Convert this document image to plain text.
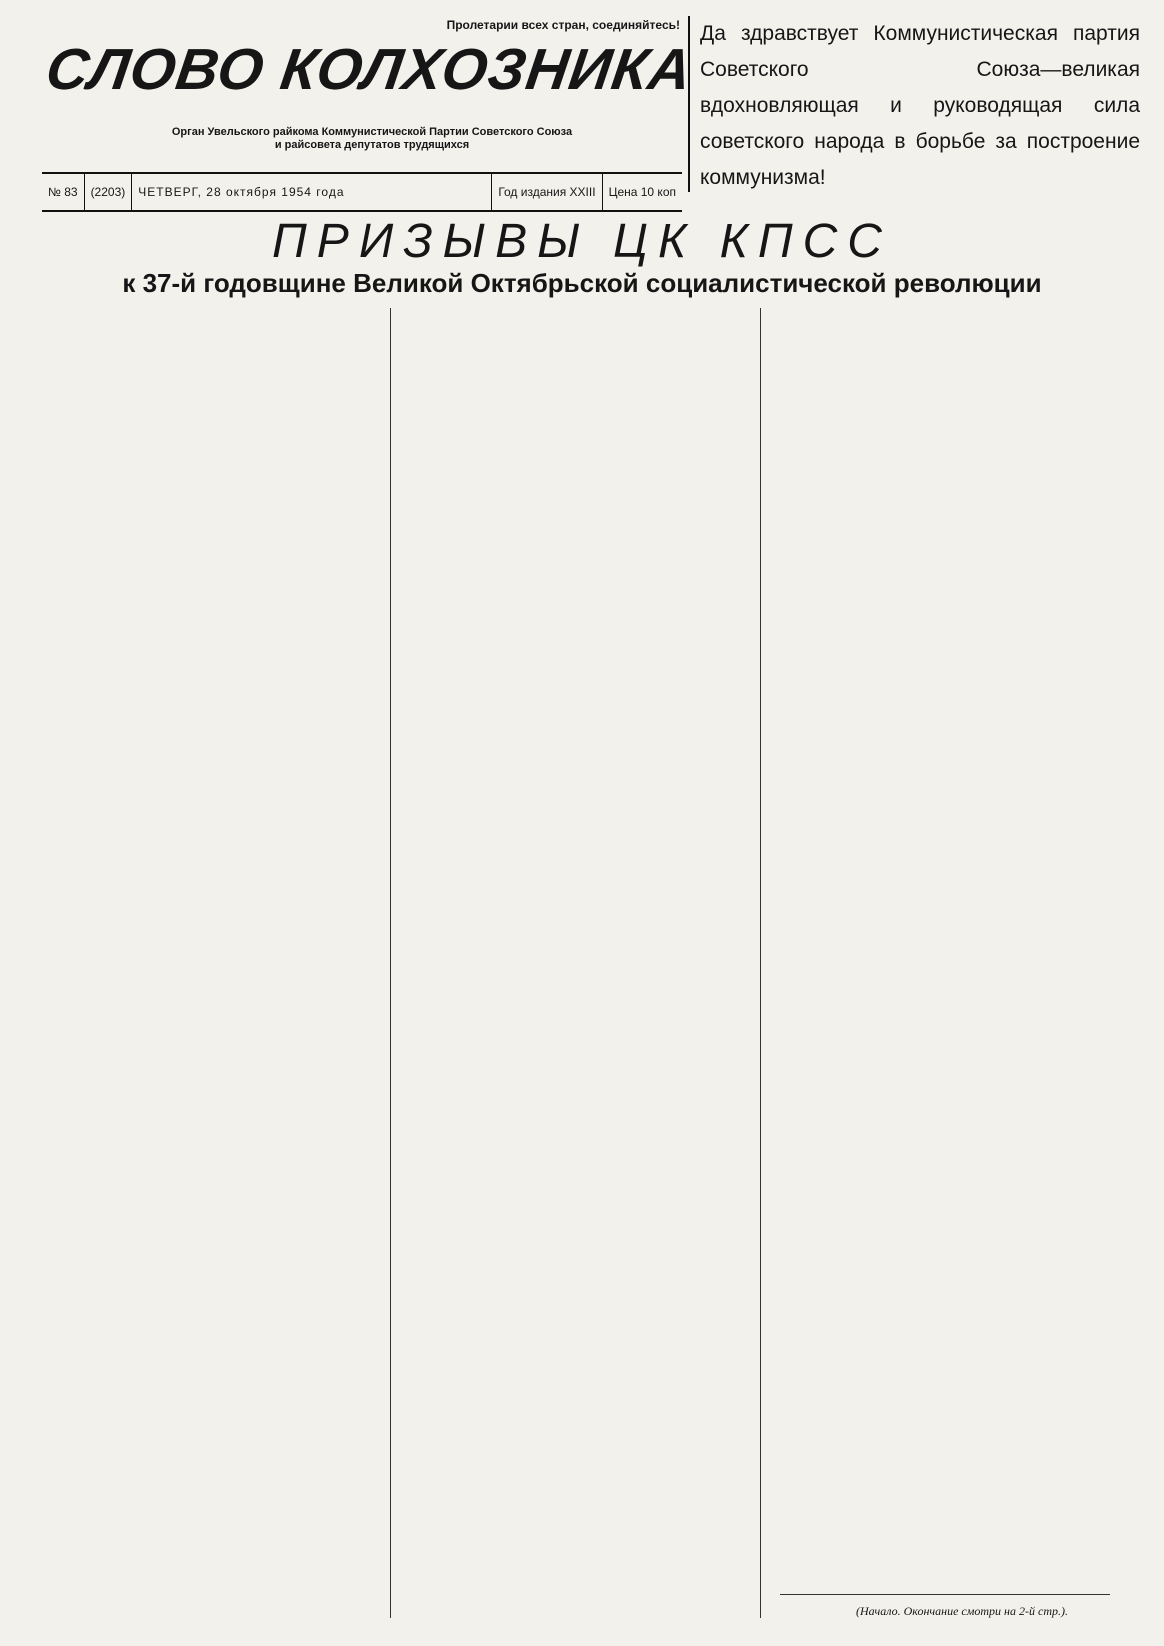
Пролетарии всех стран, соединяйтесь!
СЛОВО КОЛХОЗНИКА
Орган Увельского райкома Коммунистической Партии Советского Союза
и райсовета депутатов трудящихся
№ 83	(2203)	ЧЕТВЕРГ, 28 октября 1954 года	Год издания XXIII	Цена 10 коп
Да здравствует Коммунистическая партия Советского Союза—великая вдохновляющая и руководящая сила советского народа в борьбе за построение коммунизма!
ПРИЗЫВЫ ЦК КПСС
к 37-й годовщине Великой Октябрьской социалистической революции
(Начало. Окончание смотри на 2-й стр.).
